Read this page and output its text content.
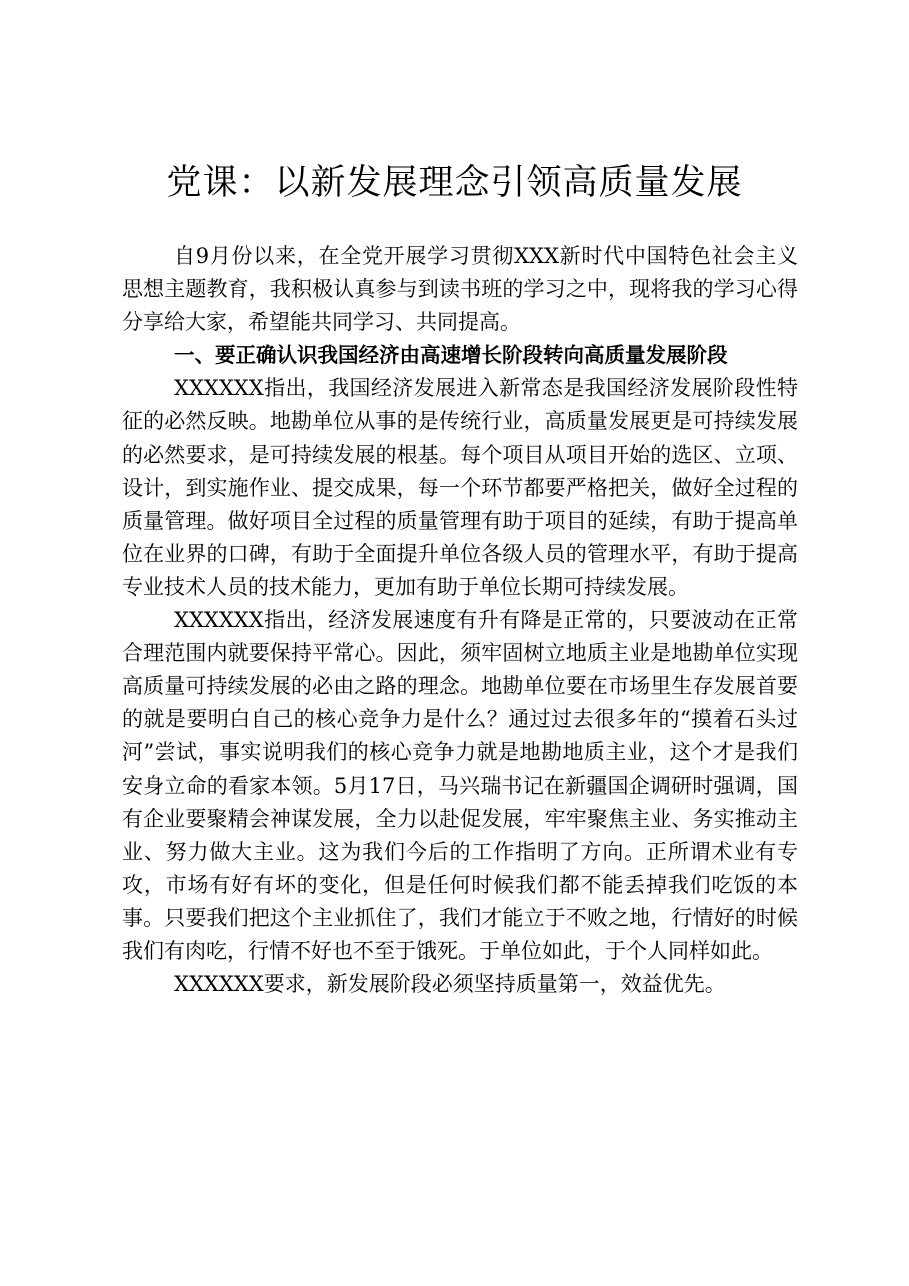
党课：以新发展理念引领高质量发展

自9月份以来，在全党开展学习贯彻XXX新时代中国特色社会主义思想主题教育，我积极认真参与到读书班的学习之中，现将我的学习心得分享给大家，希望能共同学习、共同提高。

一、要正确认识我国经济由高速增长阶段转向高质量发展阶段

XXXXXX指出，我国经济发展进入新常态是我国经济发展阶段性特征的必然反映。地勘单位从事的是传统行业，高质量发展更是可持续发展的必然要求，是可持续发展的根基。每个项目从项目开始的选区、立项、设计，到实施作业、提交成果，每一个环节都要严格把关，做好全过程的质量管理。做好项目全过程的质量管理有助于项目的延续，有助于提高单位在业界的口碑，有助于全面提升单位各级人员的管理水平，有助于提高专业技术人员的技术能力，更加有助于单位长期可持续发展。

XXXXXX指出，经济发展速度有升有降是正常的，只要波动在正常合理范围内就要保持平常心。因此，须牢固树立地质主业是地勘单位实现高质量可持续发展的必由之路的理念。地勘单位要在市场里生存发展首要的就是要明白自己的核心竞争力是什么？通过过去很多年的“摸着石头过河”尝试，事实说明我们的核心竞争力就是地勘地质主业，这个才是我们安身立命的看家本领。5月17日，马兴瑞书记在新疆国企调研时强调，国有企业要聚精会神谋发展，全力以赴促发展，牢牢聚焦主业、务实推动主业、努力做大主业。这为我们今后的工作指明了方向。正所谓术业有专攻，市场有好有坏的变化，但是任何时候我们都不能丢掉我们吃饭的本事。只要我们把这个主业抓住了，我们才能立于不败之地，行情好的时候我们有肉吃，行情不好也不至于饿死。于单位如此，于个人同样如此。

XXXXXX要求，新发展阶段必须坚持质量第一，效益优先。
